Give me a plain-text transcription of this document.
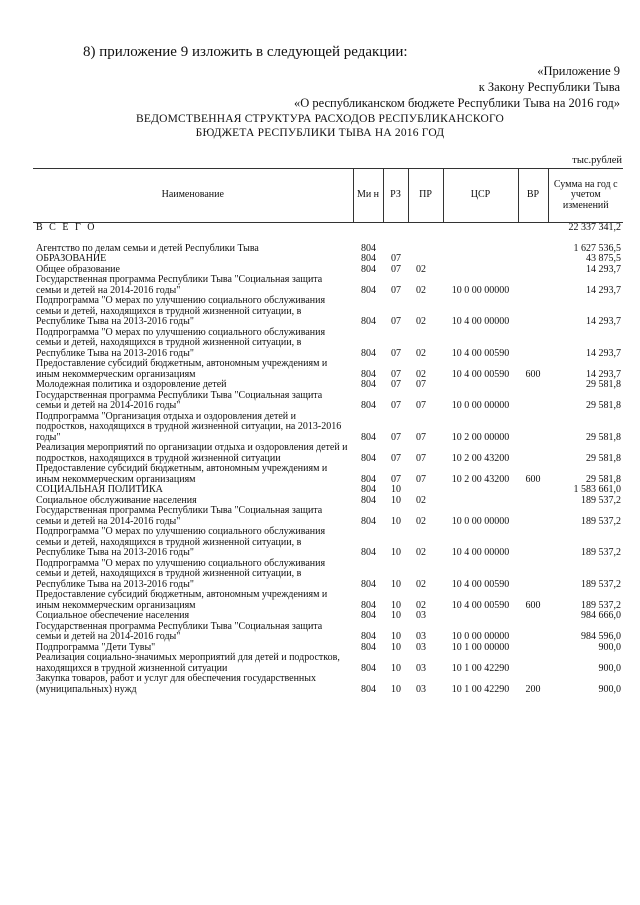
8) приложение 9 изложить в следующей редакции:
«Приложение 9
к Закону Республики Тыва
«О республиканском бюджете Республики Тыва на 2016 год»
ВЕДОМСТВЕННАЯ СТРУКТУРА РАСХОДОВ РЕСПУБЛИКАНСКОГО
БЮДЖЕТА РЕСПУБЛИКИ ТЫВА НА 2016 ГОД
тыс.рублей
Наименование	Ми н	РЗ	ПР	ЦСР	ВР	Сумма на год с учетом изменений
В С Е Г О						22 337 341,2

Агентство по делам семьи и детей Республики Тыва	804					1 627 536,5
ОБРАЗОВАНИЕ	804	07				43 875,5
Общее образование	804	07	02			14 293,7
Государственная программа Республики Тыва "Социальная защита семьи и детей на 2014-2016 годы"	804	07	02	10 0 00 00000		14 293,7
Подпрограмма "О мерах по улучшению социального обслуживания семьи и детей, находящихся в трудной жизненной ситуации, в Республике Тыва на 2013-2016 годы"	804	07	02	10 4 00 00000		14 293,7
Подпрограмма "О мерах по улучшению социального обслуживания семьи и детей, находящихся в трудной жизненной ситуации, в Республике Тыва на 2013-2016 годы"	804	07	02	10 4 00 00590		14 293,7
Предоставление субсидий бюджетным, автономным учреждениям и иным некоммерческим организациям	804	07	02	10 4 00 00590	600	14 293,7
Молодежная политика и оздоровление детей	804	07	07			29 581,8
Государственная программа Республики Тыва "Социальная защита семьи и детей на 2014-2016 годы"	804	07	07	10 0 00 00000		29 581,8
Подпрограмма "Организация отдыха и оздоровления детей и подростков, находящихся в трудной жизненной ситуации, на 2013-2016 годы"	804	07	07	10 2 00 00000		29 581,8
Реализация мероприятий по организации отдыха и оздоровления детей и подростков, находящихся в трудной жизненной ситуации	804	07	07	10 2 00 43200		29 581,8
Предоставление субсидий бюджетным, автономным учреждениям и иным некоммерческим организациям	804	07	07	10 2 00 43200	600	29 581,8
СОЦИАЛЬНАЯ ПОЛИТИКА	804	10				1 583 661,0
Социальное обслуживание населения	804	10	02			189 537,2
Государственная программа Республики Тыва "Социальная защита семьи и детей на 2014-2016 годы"	804	10	02	10 0 00 00000		189 537,2
Подпрограмма "О мерах по улучшению социального обслуживания семьи и детей, находящихся в трудной жизненной ситуации, в Республике Тыва на 2013-2016 годы"	804	10	02	10 4 00 00000		189 537,2
Подпрограмма "О мерах по улучшению социального обслуживания семьи и детей, находящихся в трудной жизненной ситуации, в Республике Тыва на 2013-2016 годы"	804	10	02	10 4 00 00590		189 537,2
Предоставление субсидий бюджетным, автономным учреждениям и иным некоммерческим организациям	804	10	02	10 4 00 00590	600	189 537,2
Социальное обеспечение населения	804	10	03			984 666,0
Государственная программа Республики Тыва "Социальная защита семьи и детей на 2014-2016 годы"	804	10	03	10 0 00 00000		984 596,0
Подпрограмма "Дети Тувы"	804	10	03	10 1 00 00000		900,0
Реализация социально-значимых мероприятий для детей и подростков, находящихся в трудной жизненной ситуации	804	10	03	10 1 00 42290		900,0
Закупка товаров, работ и услуг для обеспечения государственных (муниципальных) нужд	804	10	03	10 1 00 42290	200	900,0
